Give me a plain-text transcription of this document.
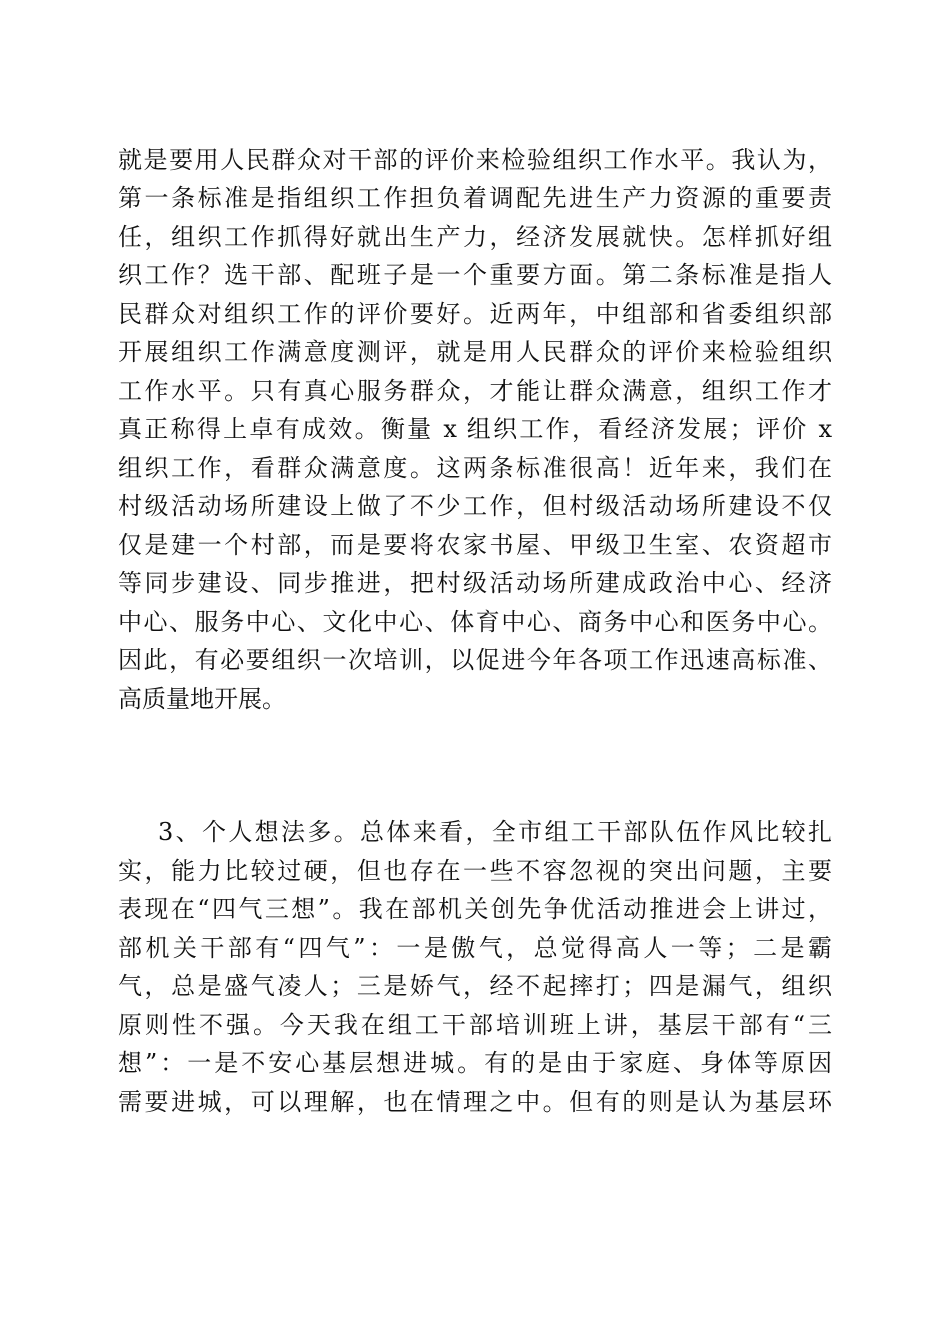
就是要用人民群众对干部的评价来检验组织工作水平。我认为，
第一条标准是指组织工作担负着调配先进生产力资源的重要责
任，组织工作抓得好就出生产力，经济发展就快。怎样抓好组
织工作？选干部、配班子是一个重要方面。第二条标准是指人
民群众对组织工作的评价要好。近两年，中组部和省委组织部
开展组织工作满意度测评，就是用人民群众的评价来检验组织
工作水平。只有真心服务群众，才能让群众满意，组织工作才
真正称得上卓有成效。衡量 x 组织工作，看经济发展；评价 x
组织工作，看群众满意度。这两条标准很高！近年来，我们在
村级活动场所建设上做了不少工作，但村级活动场所建设不仅
仅是建一个村部，而是要将农家书屋、甲级卫生室、农资超市
等同步建设、同步推进，把村级活动场所建成政治中心、经济
中心、服务中心、文化中心、体育中心、商务中心和医务中心。
因此，有必要组织一次培训，以促进今年各项工作迅速高标准、
高质量地开展。
3、个人想法多。总体来看，全市组工干部队伍作风比较扎
实，能力比较过硬，但也存在一些不容忽视的突出问题，主要
表现在“四气三想”。我在部机关创先争优活动推进会上讲过，
部机关干部有“四气”：一是傲气，总觉得高人一等；二是霸
气，总是盛气凌人；三是娇气，经不起摔打；四是漏气，组织
原则性不强。今天我在组工干部培训班上讲，基层干部有“三
想”：一是不安心基层想进城。有的是由于家庭、身体等原因
需要进城，可以理解，也在情理之中。但有的则是认为基层环
